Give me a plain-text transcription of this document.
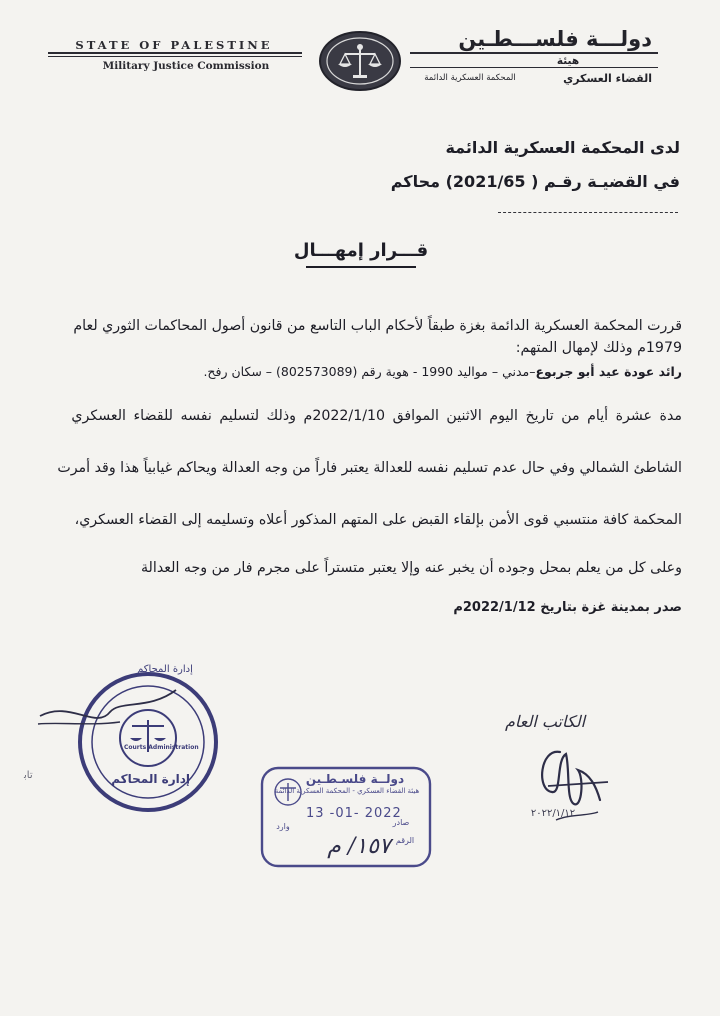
STATE OF PALESTINE
Military Justice Commission
دولـــة فلســـطـين
هيئة
المحكمة العسكرية الدائمة	القضاء العسكري
لدى المحكمة العسكرية الدائمة
في القضيـة رقـم ( 2021/65) محاكم
قـــرار إمهـــال
قررت المحكمة العسكرية الدائمة بغزة طبقاً لأحكام الباب التاسع من قانون أصول المحاكمات الثوري لعام
1979م وذلك لإمهال المتهم:
رائد عودة عيد أبو جربوع–مدني – مواليد 1990 - هوية رقم (802573089) – سكان رفح.
مدة عشرة أيام من تاريخ اليوم الاثنين الموافق 2022/1/10م وذلك لتسليم نفسه للقضاء العسكري
الشاطئ الشمالي وفي حال عدم تسليم نفسه للعدالة يعتبر فاراً من وجه العدالة ويحاكم غيابياً هذا وقد أمرت
المحكمة كافة منتسبي قوى الأمن بإلقاء القبض على المتهم المذكور أعلاه وتسليمه إلى القضاء العسكري،
وعلى كل من يعلم بمحل وجوده أن يخبر عنه وإلا يعتبر متستراً على مجرم فار من وجه العدالة
صدر بمدينة غزة بتاريخ 2022/1/12م
الكاتب العام
٢٠٢٢/١/١٢
إدارة المحاكم
Courts Administration
إدارة المحاكم	دولــة فلسـطـين
هيئة القضاء العسكري - المحكمة العسكرية الدائمة
13 -01- 2022
صادر
وارد
الرقم
١٥٧/ م
ﺗﺎﺑ
